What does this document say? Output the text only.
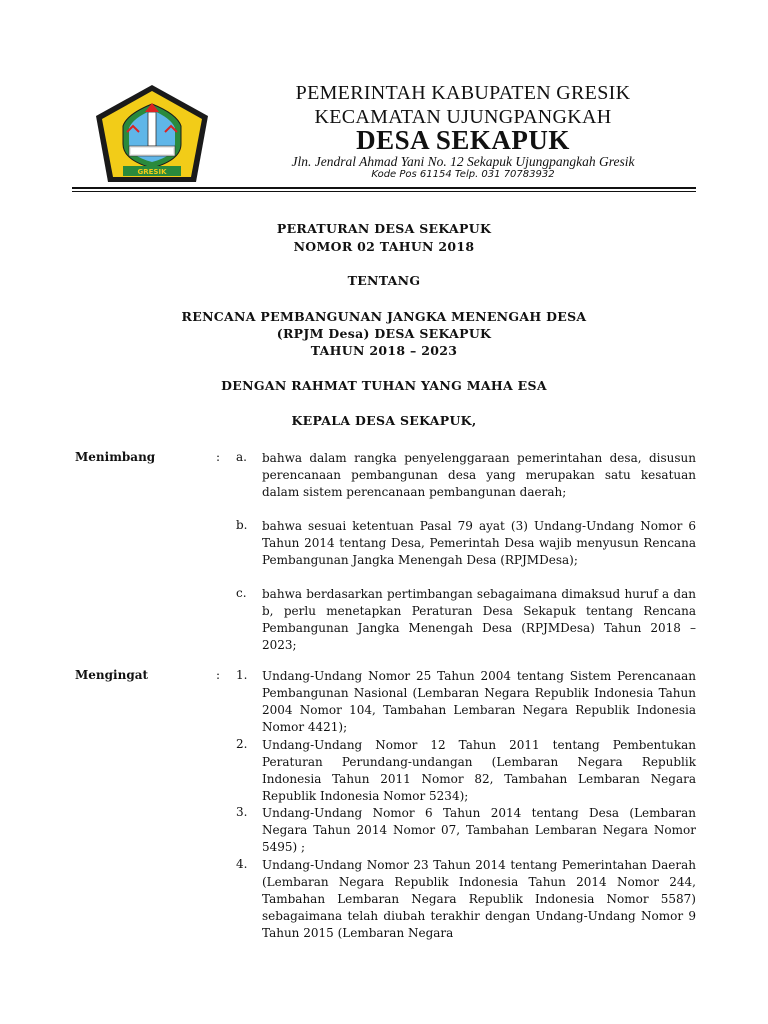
GRESIK
PEMERINTAH KABUPATEN GRESIK
KECAMATAN UJUNGPANGKAH
DESA SEKAPUK
Jln. Jendral Ahmad Yani No. 12 Sekapuk Ujungpangkah Gresik
Kode Pos 61154 Telp. 031 70783932
PERATURAN DESA SEKAPUK
NOMOR 02 TAHUN 2018
TENTANG
RENCANA PEMBANGUNAN JANGKA MENENGAH DESA
(RPJM Desa) DESA SEKAPUK
TAHUN 2018 – 2023
DENGAN RAHMAT TUHAN YANG MAHA ESA
KEPALA DESA SEKAPUK,
Menimbang	: a.	bahwa dalam rangka penyelenggaraan pemerintahan desa, disusun perencanaan pembangunan desa yang merupakan satu kesatuan dalam sistem perencanaan pembangunan daerah;
b.	bahwa sesuai ketentuan Pasal 79 ayat (3) Undang-Undang Nomor 6 Tahun 2014 tentang Desa, Pemerintah Desa wajib menyusun Rencana Pembangunan Jangka Menengah Desa (RPJMDesa);
c.	bahwa berdasarkan pertimbangan sebagaimana dimaksud huruf a dan b, perlu menetapkan Peraturan Desa Sekapuk tentang Rencana Pembangunan Jangka Menengah Desa (RPJMDesa) Tahun 2018 – 2023;
Mengingat	: 1.	Undang-Undang Nomor 25 Tahun 2004 tentang Sistem Perencanaan Pembangunan Nasional (Lembaran Negara Republik Indonesia Tahun 2004 Nomor 104, Tambahan Lembaran Negara Republik Indonesia Nomor 4421);
2.	Undang-Undang Nomor 12 Tahun 2011 tentang Pembentukan Peraturan Perundang-undangan (Lembaran Negara Republik Indonesia Tahun 2011 Nomor 82, Tambahan Lembaran Negara Republik Indonesia Nomor 5234);
3.	Undang-Undang Nomor 6 Tahun 2014 tentang Desa (Lembaran Negara Tahun 2014 Nomor 07, Tambahan Lembaran Negara Nomor 5495) ;
4.	Undang-Undang Nomor 23 Tahun 2014 tentang Pemerintahan Daerah (Lembaran Negara Republik Indonesia Tahun 2014 Nomor 244, Tambahan Lembaran Negara Republik Indonesia Nomor 5587) sebagaimana telah diubah terakhir dengan Undang-Undang Nomor 9 Tahun 2015 (Lembaran Negara
